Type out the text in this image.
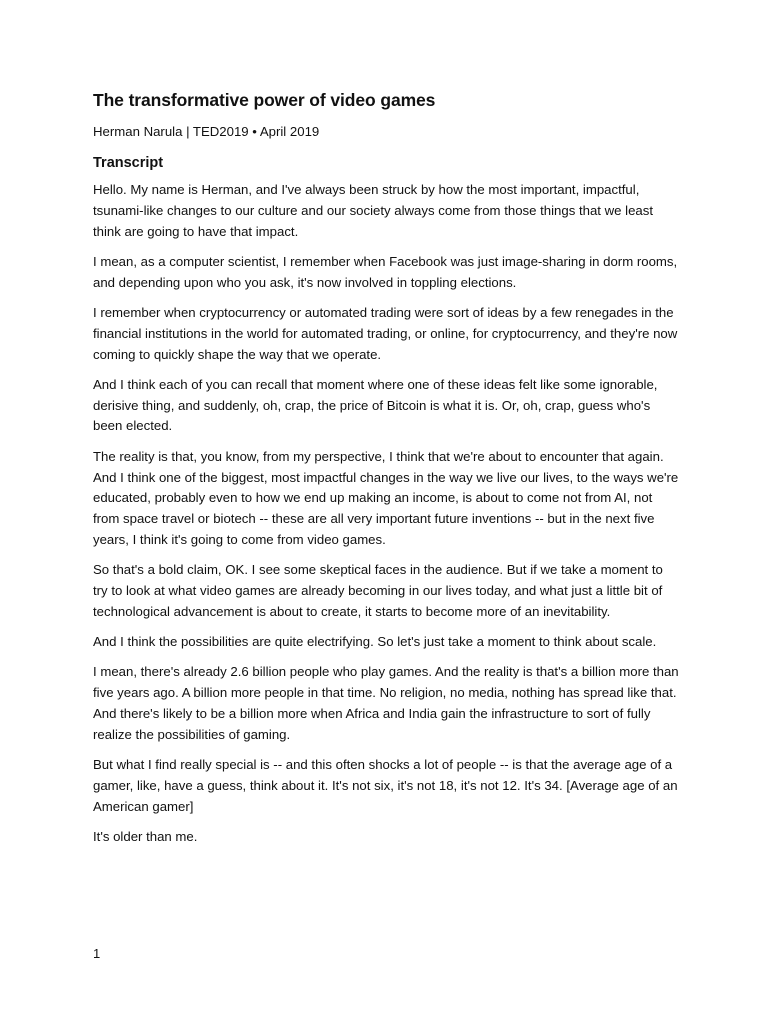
The transformative power of video games

Herman Narula | TED2019 • April 2019

Transcript

Hello. My name is Herman, and I've always been struck by how the most important, impactful, tsunami-like changes to our culture and our society always come from those things that we least think are going to have that impact.

I mean, as a computer scientist, I remember when Facebook was just image-sharing in dorm rooms, and depending upon who you ask, it's now involved in toppling elections.

I remember when cryptocurrency or automated trading were sort of ideas by a few renegades in the financial institutions in the world for automated trading, or online, for cryptocurrency, and they're now coming to quickly shape the way that we operate.

And I think each of you can recall that moment where one of these ideas felt like some ignorable, derisive thing, and suddenly, oh, crap, the price of Bitcoin is what it is. Or, oh, crap, guess who's been elected.

The reality is that, you know, from my perspective, I think that we're about to encounter that again. And I think one of the biggest, most impactful changes in the way we live our lives, to the ways we're educated, probably even to how we end up making an income, is about to come not from AI, not from space travel or biotech -- these are all very important future inventions -- but in the next five years, I think it's going to come from video games.

So that's a bold claim, OK. I see some skeptical faces in the audience. But if we take a moment to try to look at what video games are already becoming in our lives today, and what just a little bit of technological advancement is about to create, it starts to become more of an inevitability.

And I think the possibilities are quite electrifying. So let's just take a moment to think about scale.

I mean, there's already 2.6 billion people who play games. And the reality is that's a billion more than five years ago. A billion more people in that time. No religion, no media, nothing has spread like that. And there's likely to be a billion more when Africa and India gain the infrastructure to sort of fully realize the possibilities of gaming.

But what I find really special is -- and this often shocks a lot of people -- is that the average age of a gamer, like, have a guess, think about it. It's not six, it's not 18, it's not 12. It's 34. [Average age of an American gamer]

It's older than me.

1
